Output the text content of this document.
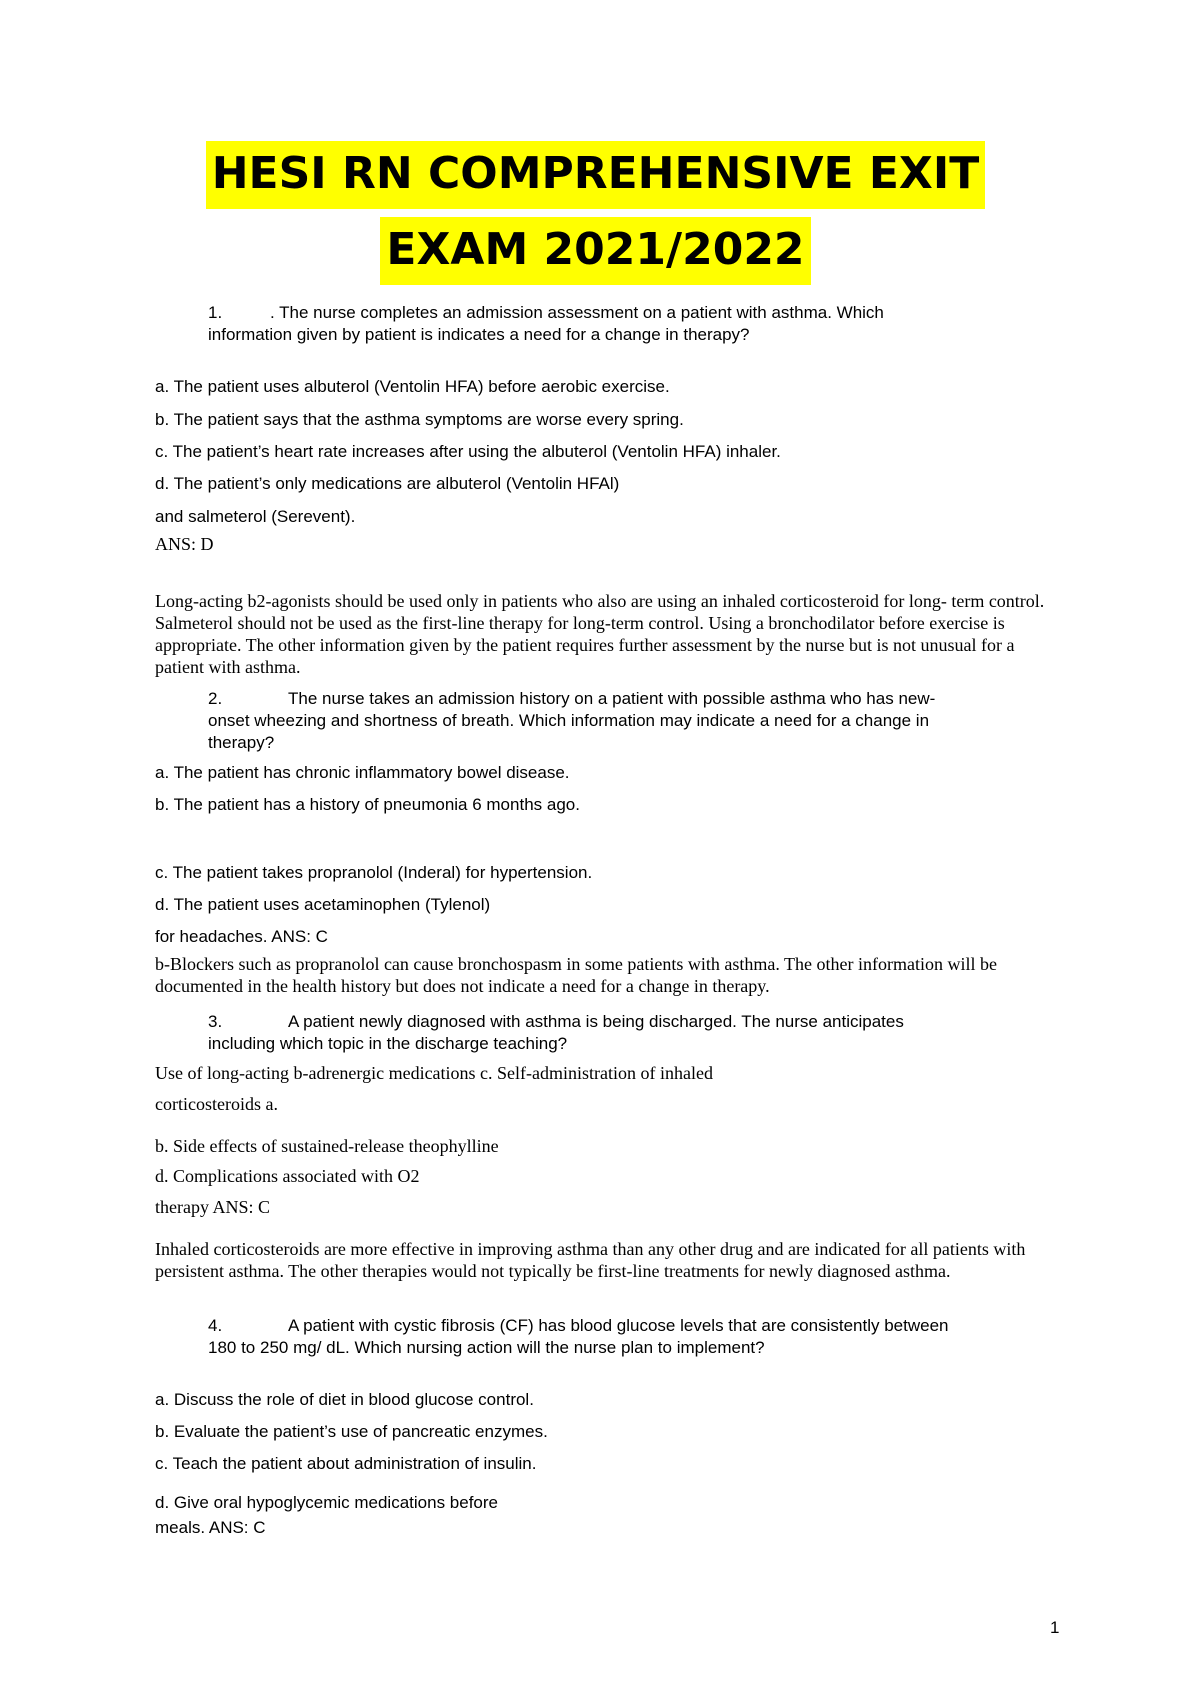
HESI RN COMPREHENSIVE EXIT
EXAM 2021/2022
1.	. The nurse completes an admission assessment on a patient with asthma. Which information given by patient is indicates a need for a change in therapy?
a. The patient uses albuterol (Ventolin HFA) before aerobic exercise.
b. The patient says that the asthma symptoms are worse every spring.
c. The patient’s heart rate increases after using the albuterol (Ventolin HFA) inhaler.
d. The patient’s only medications are albuterol (Ventolin HFAl)
and salmeterol (Serevent).
ANS: D
Long-acting b2-agonists should be used only in patients who also are using an inhaled corticosteroid for long- term control. Salmeterol should not be used as the first-line therapy for long-term control. Using a bronchodilator before exercise is appropriate. The other information given by the patient requires further assessment by the nurse but is not unusual for a patient with asthma.
2.	The nurse takes an admission history on a patient with possible asthma who has new-onset wheezing and shortness of breath. Which information may indicate a need for a change in therapy?
a. The patient has chronic inflammatory bowel disease.
b. The patient has a history of pneumonia 6 months ago.
c. The patient takes propranolol (Inderal) for hypertension.
d. The patient uses acetaminophen (Tylenol)
for headaches. ANS: C
b-Blockers such as propranolol can cause bronchospasm in some patients with asthma. The other information will be documented in the health history but does not indicate a need for a change in therapy.
3.	A patient newly diagnosed with asthma is being discharged. The nurse anticipates including which topic in the discharge teaching?
Use of long-acting b-adrenergic medications c. Self-administration of inhaled
corticosteroids a.
b. Side effects of sustained-release theophylline
d. Complications associated with O2
therapy ANS: C
Inhaled corticosteroids are more effective in improving asthma than any other drug and are indicated for all patients with persistent asthma. The other therapies would not typically be first-line treatments for newly diagnosed asthma.
4.	A patient with cystic fibrosis (CF) has blood glucose levels that are consistently between 180 to 250 mg/ dL. Which nursing action will the nurse plan to implement?
a. Discuss the role of diet in blood glucose control.
b. Evaluate the patient’s use of pancreatic enzymes.
c. Teach the patient about administration of insulin.
d. Give oral hypoglycemic medications before
meals. ANS: C
1
